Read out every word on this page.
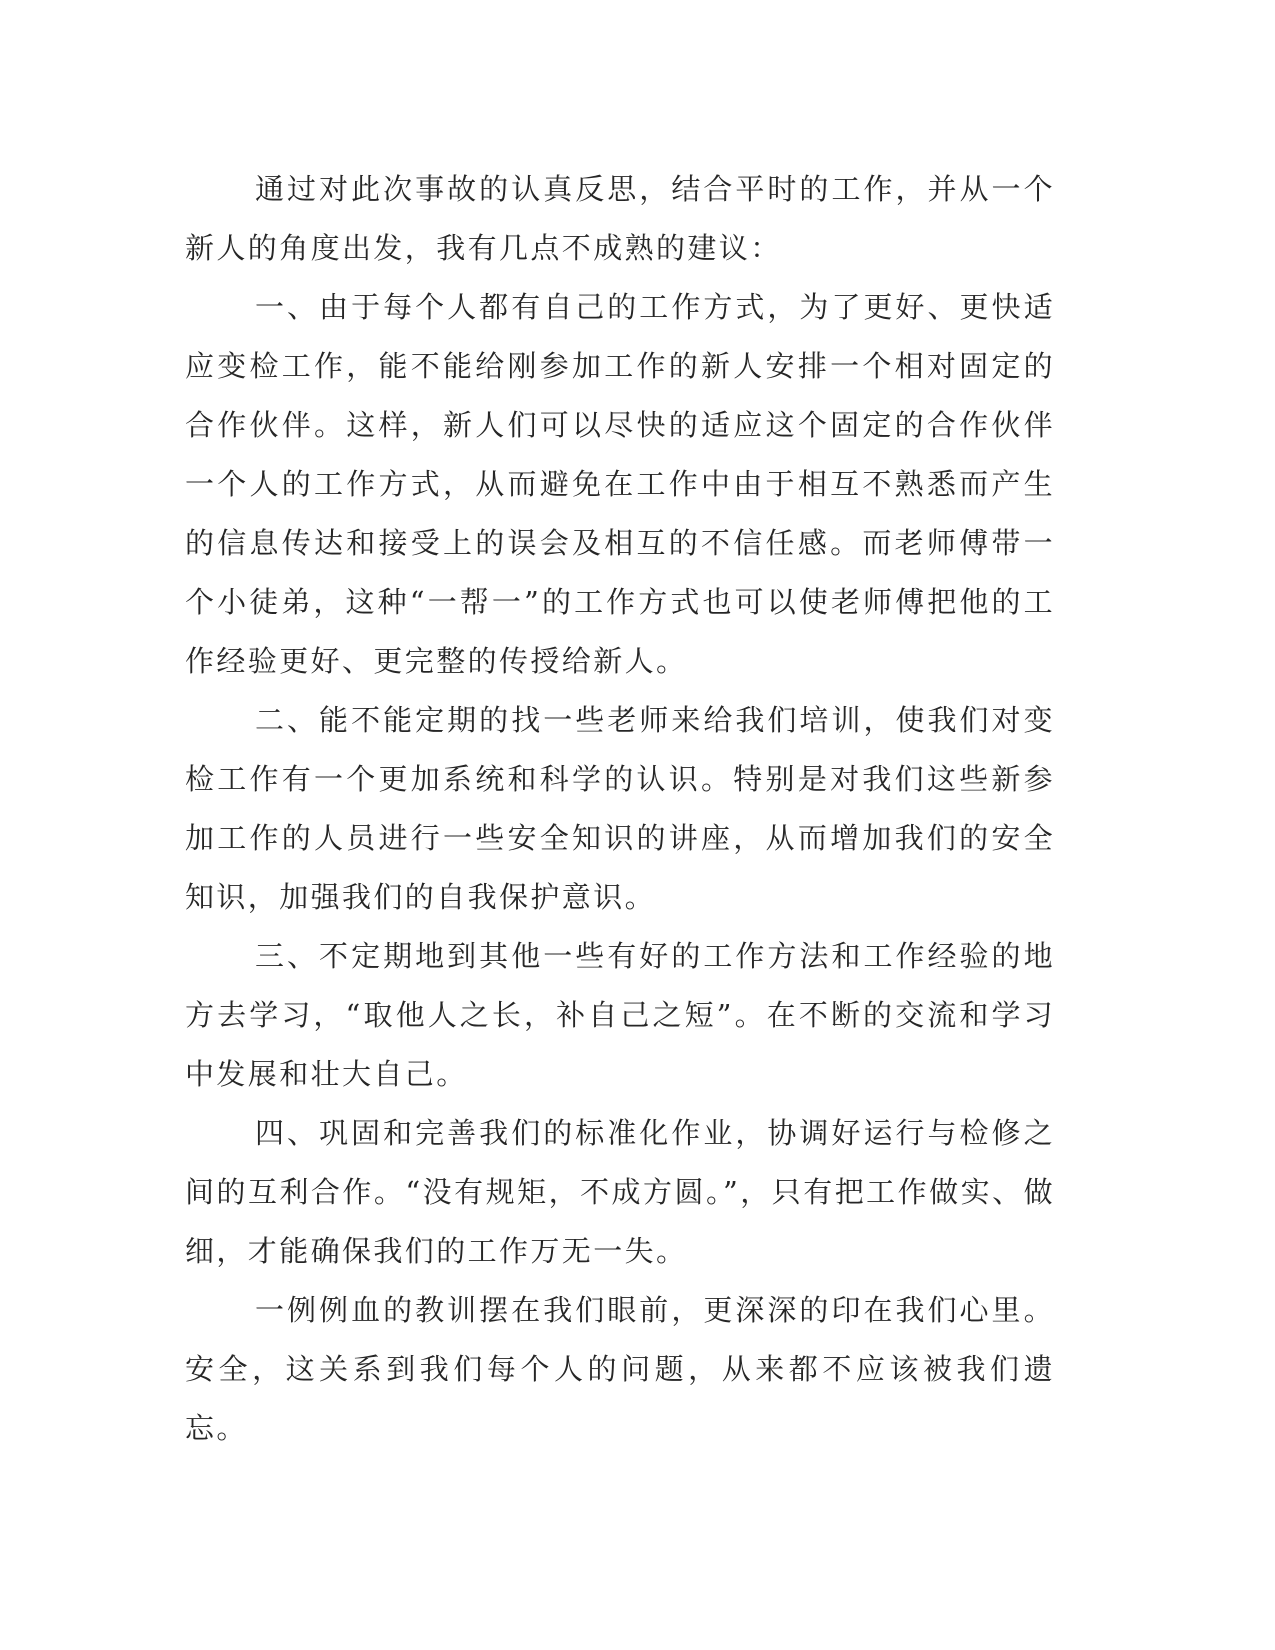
通过对此次事故的认真反思，结合平时的工作，并从一个新人的角度出发，我有几点不成熟的建议：

一、由于每个人都有自己的工作方式，为了更好、更快适应变检工作，能不能给刚参加工作的新人安排一个相对固定的合作伙伴。这样，新人们可以尽快的适应这个固定的合作伙伴一个人的工作方式，从而避免在工作中由于相互不熟悉而产生的信息传达和接受上的误会及相互的不信任感。而老师傅带一个小徒弟，这种“一帮一”的工作方式也可以使老师傅把他的工作经验更好、更完整的传授给新人。

二、能不能定期的找一些老师来给我们培训，使我们对变检工作有一个更加系统和科学的认识。特别是对我们这些新参加工作的人员进行一些安全知识的讲座，从而增加我们的安全知识，加强我们的自我保护意识。

三、不定期地到其他一些有好的工作方法和工作经验的地方去学习，“取他人之长，补自己之短”。在不断的交流和学习中发展和壮大自己。

四、巩固和完善我们的标准化作业，协调好运行与检修之间的互利合作。“没有规矩，不成方圆。”，只有把工作做实、做细，才能确保我们的工作万无一失。

一例例血的教训摆在我们眼前，更深深的印在我们心里。安全，这关系到我们每个人的问题，从来都不应该被我们遗忘。
